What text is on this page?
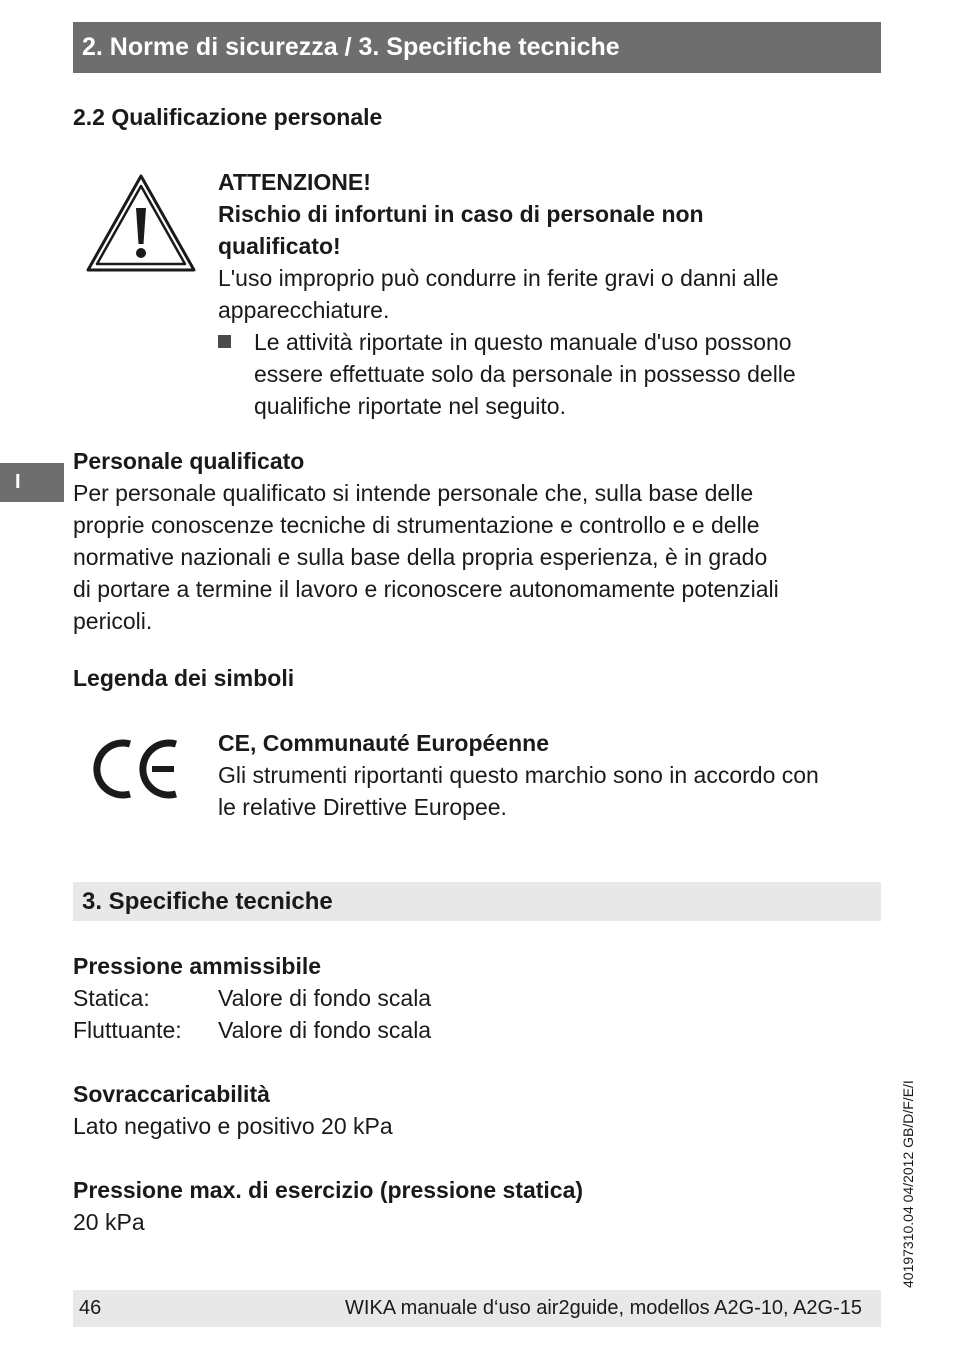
2. Norme di sicurezza / 3. Specifiche tecniche
2.2 Qualificazione personale
ATTENZIONE!
Rischio di infortuni in caso di personale non
qualificato!
L'uso improprio può condurre in ferite gravi o danni alle
apparecchiature.
Le attività riportate in questo manuale d'uso possono
essere effettuate solo da personale in possesso delle
qualifiche riportate nel seguito.
I
Personale qualificato
Per personale qualificato si intende personale che, sulla base delle
proprie conoscenze tecniche di strumentazione e controllo e e delle
normative nazionali e sulla base della propria esperienza, è in grado
di portare a termine il lavoro e riconoscere autonomamente potenziali
pericoli.
Legenda dei simboli
CE, Communauté Européenne
Gli strumenti riportanti questo marchio sono in accordo con
le relative Direttive Europee.
3. Specifiche tecniche
Pressione ammissibile
Statica:	Valore di fondo scala
Fluttuante:	Valore di fondo scala
Sovraccaricabilità
Lato negativo e positivo 20 kPa
Pressione max. di esercizio (pressione statica)
20 kPa	40197310.04 04/2012 GB/D/F/E/I
46	WIKA manuale d‘uso air2guide, modellos A2G-10, A2G-15
